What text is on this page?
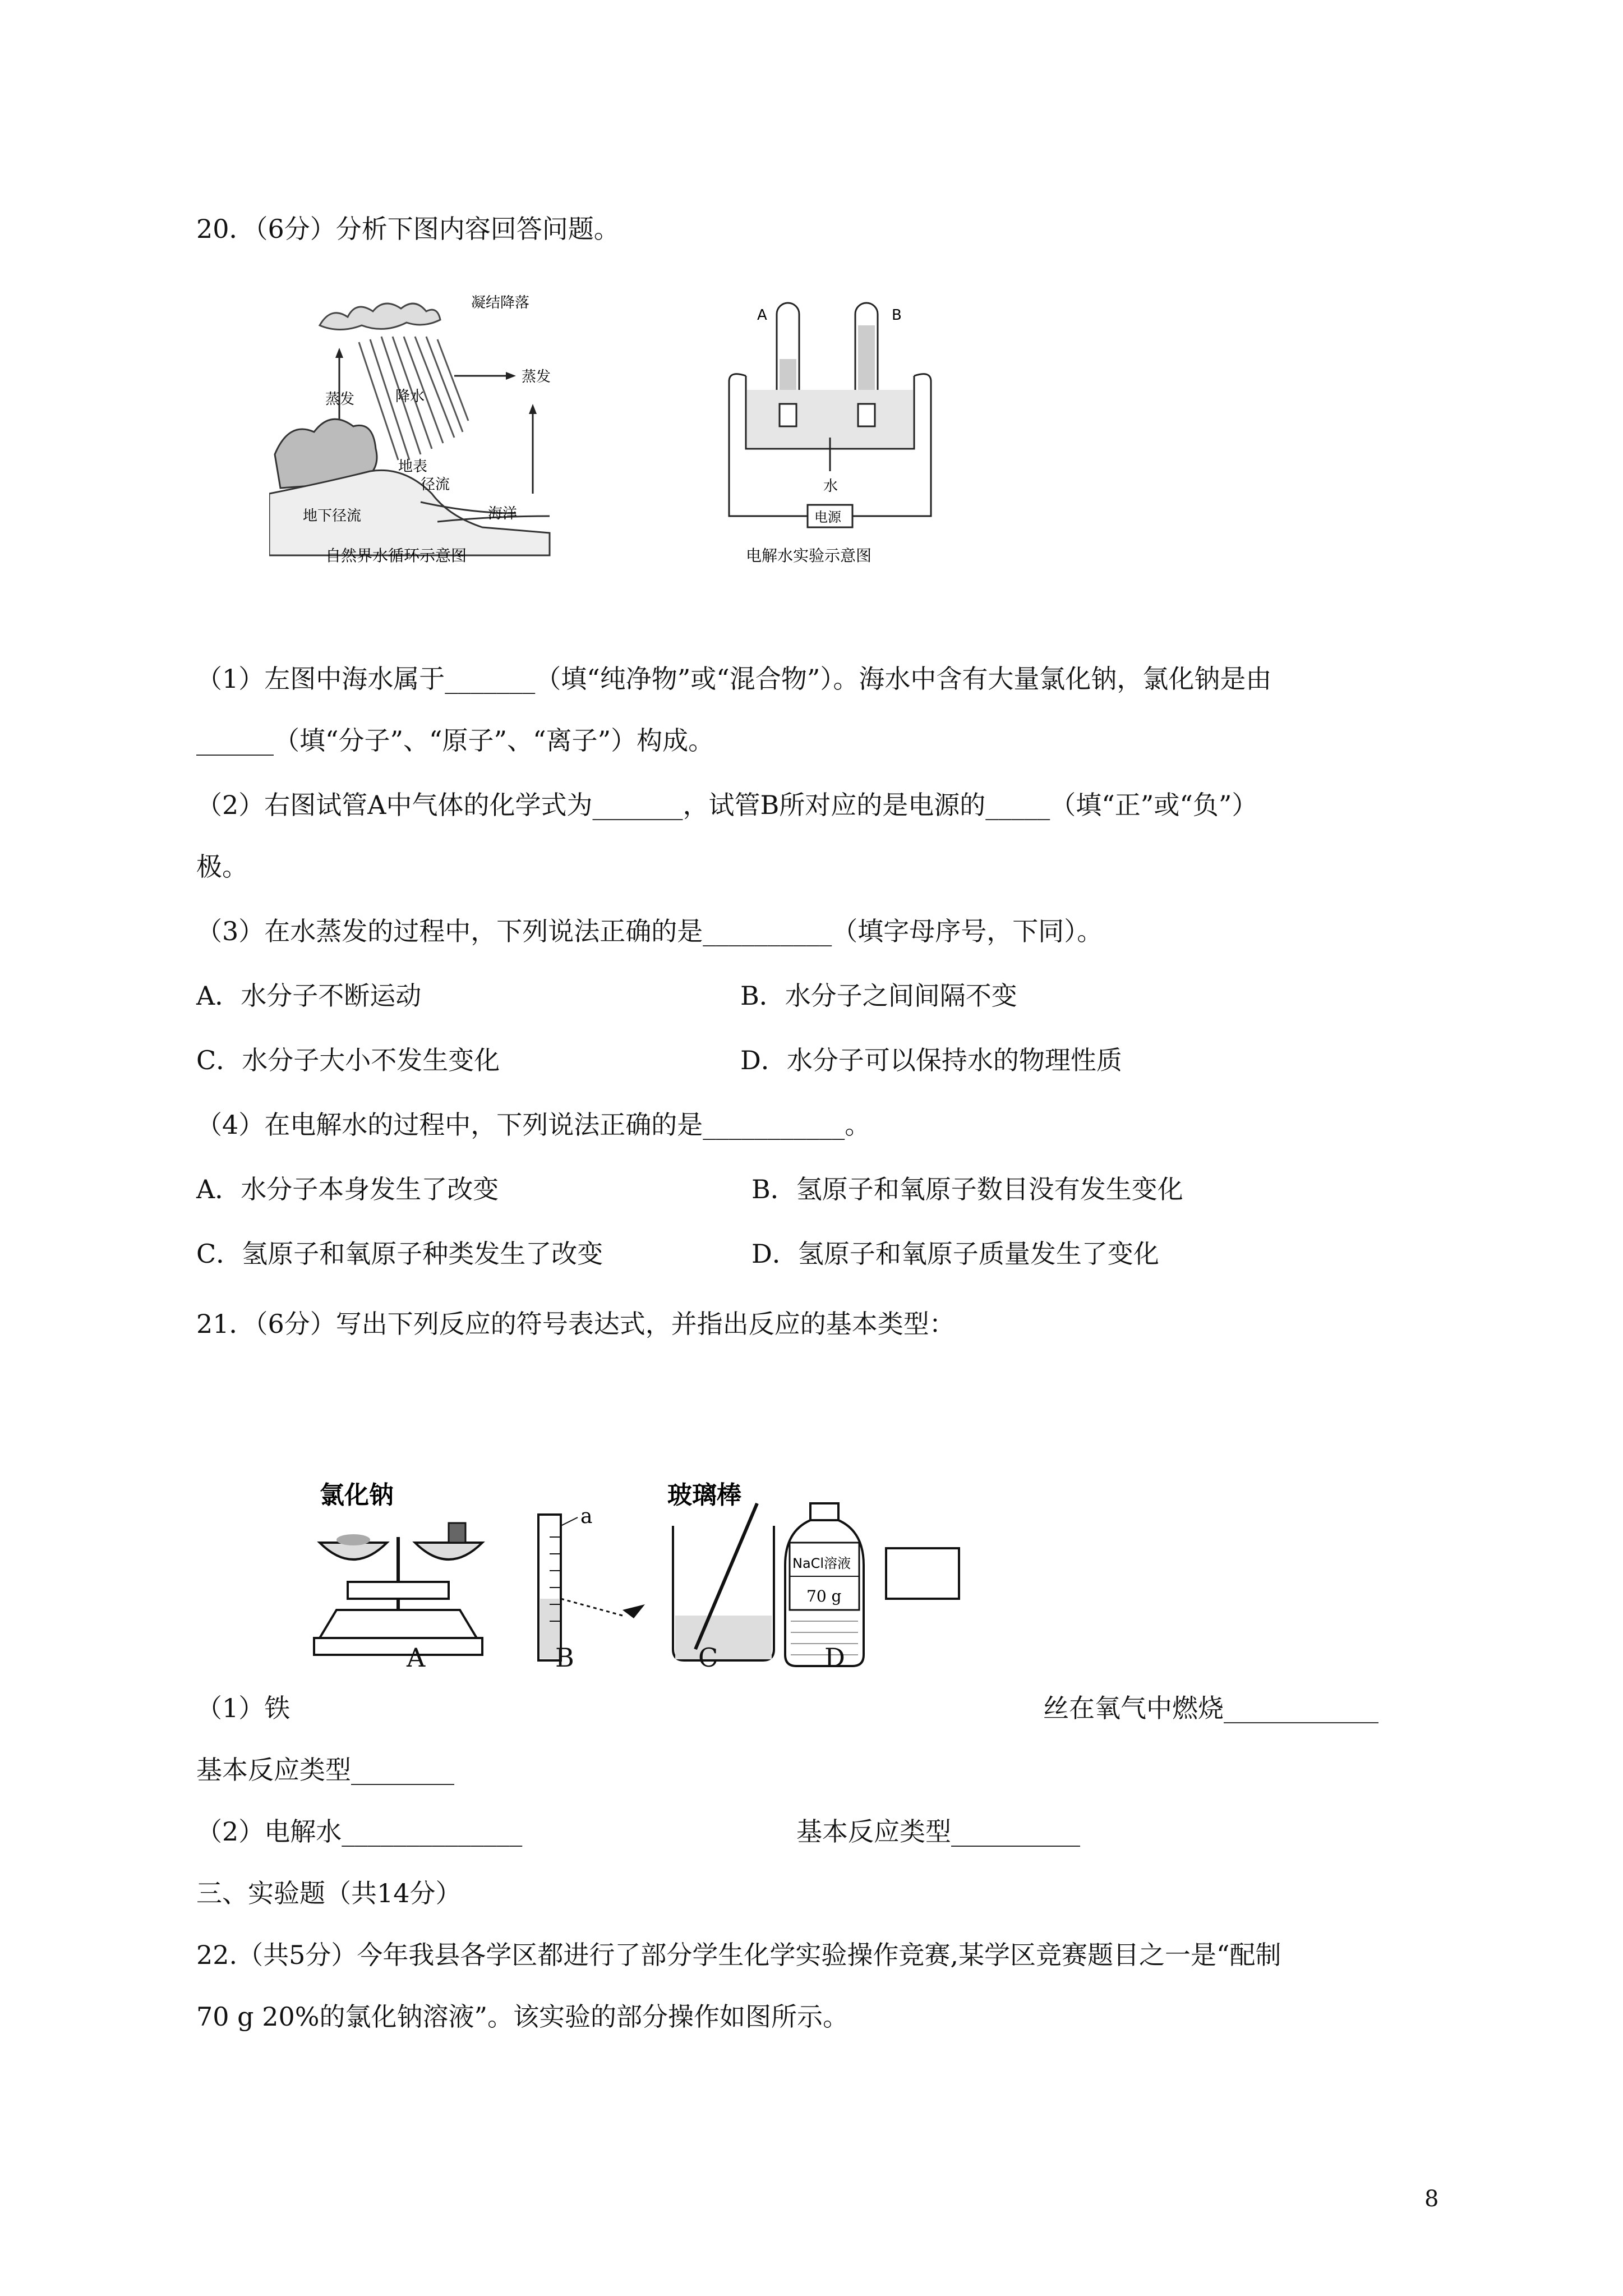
20．（6分）分析下图内容回答问题。
凝结降落
蒸发	降水
蒸发
地表
径流
地下径流	海洋
自然界水循环示意图
A	B
水
电源
电解水实验示意图
（1）左图中海水属于_______（填“纯净物”或“混合物”）。海水中含有大量氯化钠，氯化钠是由
______（填“分子”、“原子”、“离子”）构成。
（2）右图试管A中气体的化学式为_______，试管B所对应的是电源的_____（填“正”或“负”）
极。
（3）在水蒸发的过程中，下列说法正确的是__________（填字母序号，下同）。
A．水分子不断运动	B．水分子之间间隔不变
C．水分子大小不发生变化	D．水分子可以保持水的物理性质
（4）在电解水的过程中，下列说法正确的是___________。
A．水分子本身发生了改变	B．氢原子和氧原子数目没有发生变化
C．氢原子和氧原子种类发生了改变	D．氢原子和氧原子质量发生了变化
21．（6分）写出下列反应的符号表达式，并指出反应的基本类型：
氯化钠
a
玻璃棒
NaCl溶液
70 g
A	B	C	D
（1）铁	丝在氧气中燃烧____________
基本反应类型________
（2）电解水______________	基本反应类型__________
三、实验题（共14分）
22.（共5分）今年我县各学区都进行了部分学生化学实验操作竞赛,某学区竞赛题目之一是“配制
70 g 20%的氯化钠溶液”。该实验的部分操作如图所示。
8
